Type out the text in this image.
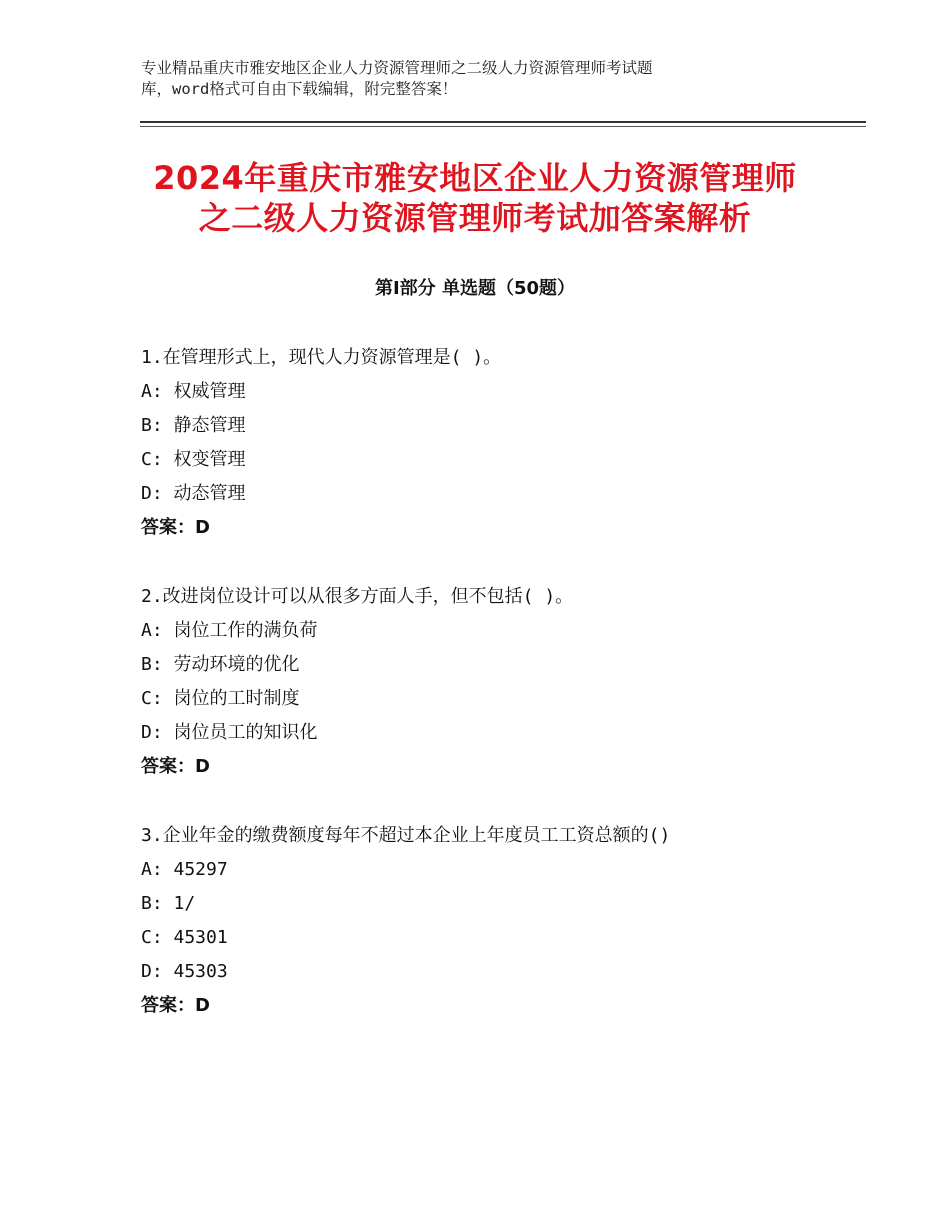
专业精品重庆市雅安地区企业人力资源管理师之二级人力资源管理师考试题
库，word格式可自由下载编辑，附完整答案！
2024年重庆市雅安地区企业人力资源管理师
之二级人力资源管理师考试加答案解析
第Ⅰ部分 单选题（50题）
1.在管理形式上，现代人力资源管理是( )。
A: 权威管理
B: 静态管理
C: 权变管理
D: 动态管理
答案：D
2.改进岗位设计可以从很多方面人手，但不包括( )。
A: 岗位工作的满负荷
B: 劳动环境的优化
C: 岗位的工时制度
D: 岗位员工的知识化
答案：D
3.企业年金的缴费额度每年不超过本企业上年度员工工资总额的()
A: 45297
B: 1/
C: 45301
D: 45303
答案：D
